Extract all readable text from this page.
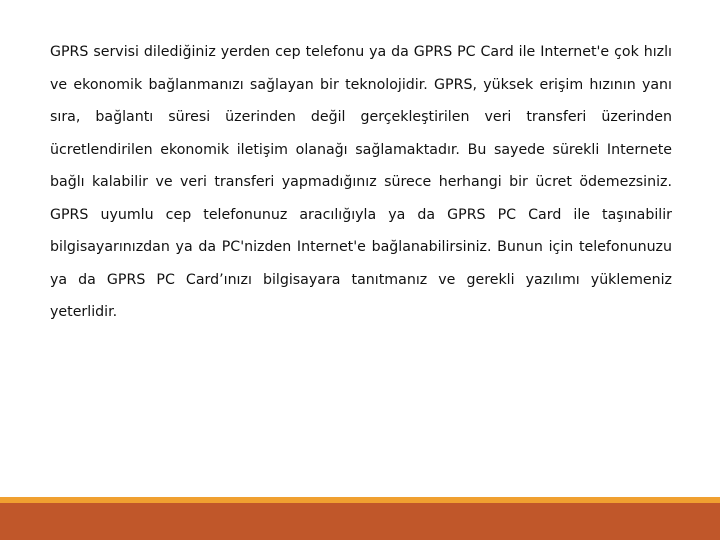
GPRS servisi dilediğiniz yerden cep telefonu ya da GPRS PC Card ile Internet'e çok hızlı
ve ekonomik bağlanmanızı sağlayan bir teknolojidir. GPRS, yüksek erişim hızının yanı
sıra, bağlantı süresi üzerinden değil gerçekleştirilen veri transferi üzerinden
ücretlendirilen ekonomik iletişim olanağı sağlamaktadır. Bu sayede sürekli Internete
bağlı kalabilir ve veri transferi yapmadığınız sürece herhangi bir ücret ödemezsiniz.
GPRS uyumlu cep telefonunuz aracılığıyla ya da GPRS PC Card ile taşınabilir
bilgisayarınızdan ya da PC'nizden Internet'e bağlanabilirsiniz. Bunun için telefonunuzu
ya da GPRS PC Card’ınızı bilgisayara tanıtmanız ve gerekli yazılımı yüklemeniz
yeterlidir.
